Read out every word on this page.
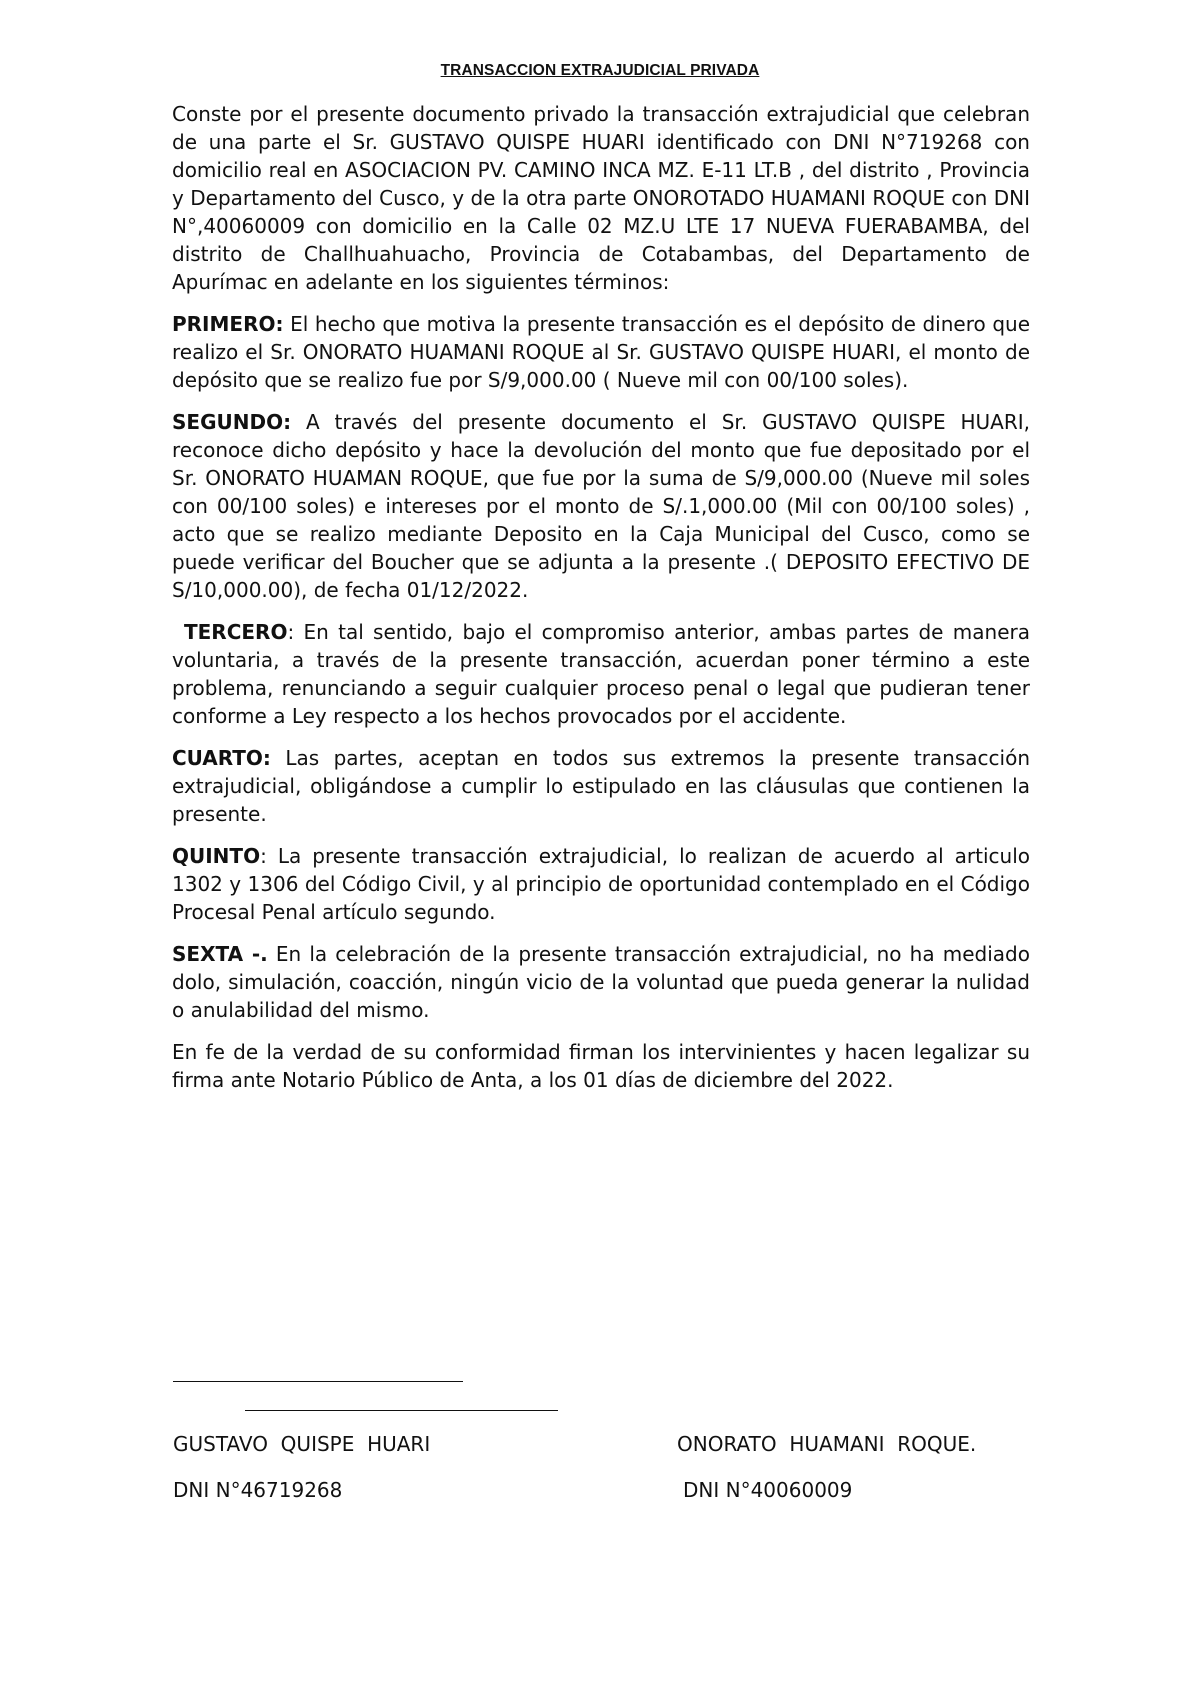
TRANSACCION EXTRAJUDICIAL PRIVADA

Conste por el presente documento privado la transacción extrajudicial que celebran de una parte el Sr. GUSTAVO QUISPE HUARI identificado con DNI N°719268 con domicilio real en ASOCIACION PV. CAMINO INCA MZ. E-11 LT.B , del distrito , Provincia y Departamento del Cusco, y de la otra parte ONOROTADO HUAMANI ROQUE con DNI N°,40060009 con domicilio en la Calle 02 MZ.U LTE 17 NUEVA FUERABAMBA, del distrito de Challhuahuacho, Provincia de Cotabambas, del Departamento de Apurímac en adelante en los siguientes términos:

PRIMERO: El hecho que motiva la presente transacción es el depósito de dinero que realizo el Sr. ONORATO HUAMANI ROQUE al Sr. GUSTAVO QUISPE HUARI, el monto de depósito que se realizo fue por S/9,000.00 ( Nueve mil con 00/100 soles).

SEGUNDO: A través del presente documento el Sr. GUSTAVO QUISPE HUARI, reconoce dicho depósito y hace la devolución del monto que fue depositado por el Sr. ONORATO HUAMAN ROQUE, que fue por la suma de S/9,000.00 (Nueve mil soles con 00/100 soles) e intereses por el monto de S/.1,000.00 (Mil con 00/100 soles) , acto que se realizo mediante Deposito en la Caja Municipal del Cusco, como se puede verificar del Boucher que se adjunta a la presente .( DEPOSITO EFECTIVO DE S/10,000.00), de fecha 01/12/2022.

TERCERO: En tal sentido, bajo el compromiso anterior, ambas partes de manera voluntaria, a través de la presente transacción, acuerdan poner término a este problema, renunciando a seguir cualquier proceso penal o legal que pudieran tener conforme a Ley respecto a los hechos provocados por el accidente.

CUARTO: Las partes, aceptan en todos sus extremos la presente transacción extrajudicial, obligándose a cumplir lo estipulado en las cláusulas que contienen la presente.

QUINTO: La presente transacción extrajudicial, lo realizan de acuerdo al articulo 1302 y 1306 del Código Civil, y al principio de oportunidad contemplado en el Código Procesal Penal artículo segundo.

SEXTA -. En la celebración de la presente transacción extrajudicial, no ha mediado dolo, simulación, coacción, ningún vicio de la voluntad que pueda generar la nulidad o anulabilidad del mismo.

En fe de la verdad de su conformidad firman los intervinientes y hacen legalizar su firma ante Notario Público de Anta, a los 01 días de diciembre del 2022.

GUSTAVO  QUISPE  HUARI	ONORATO  HUAMANI  ROQUE.
DNI N°46719268	DNI N°40060009
